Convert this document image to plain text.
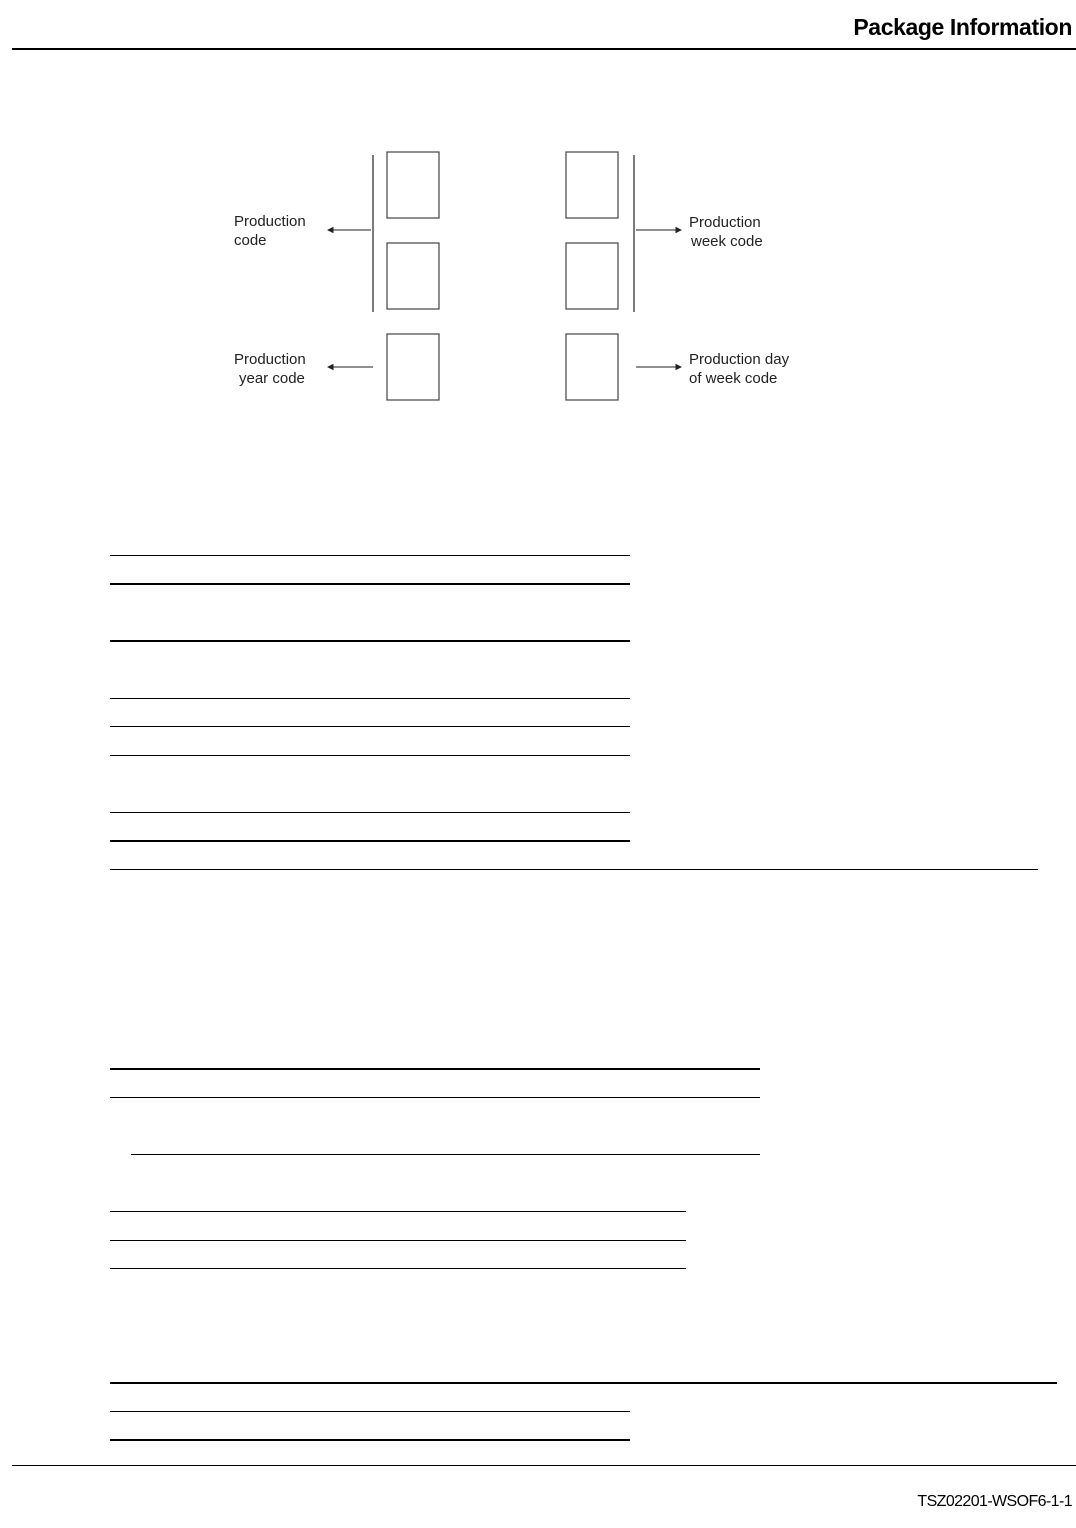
Package Information
Production
code
Production
week code
Production
year code
Production day
of week code
TSZ02201-WSOF6-1-1
